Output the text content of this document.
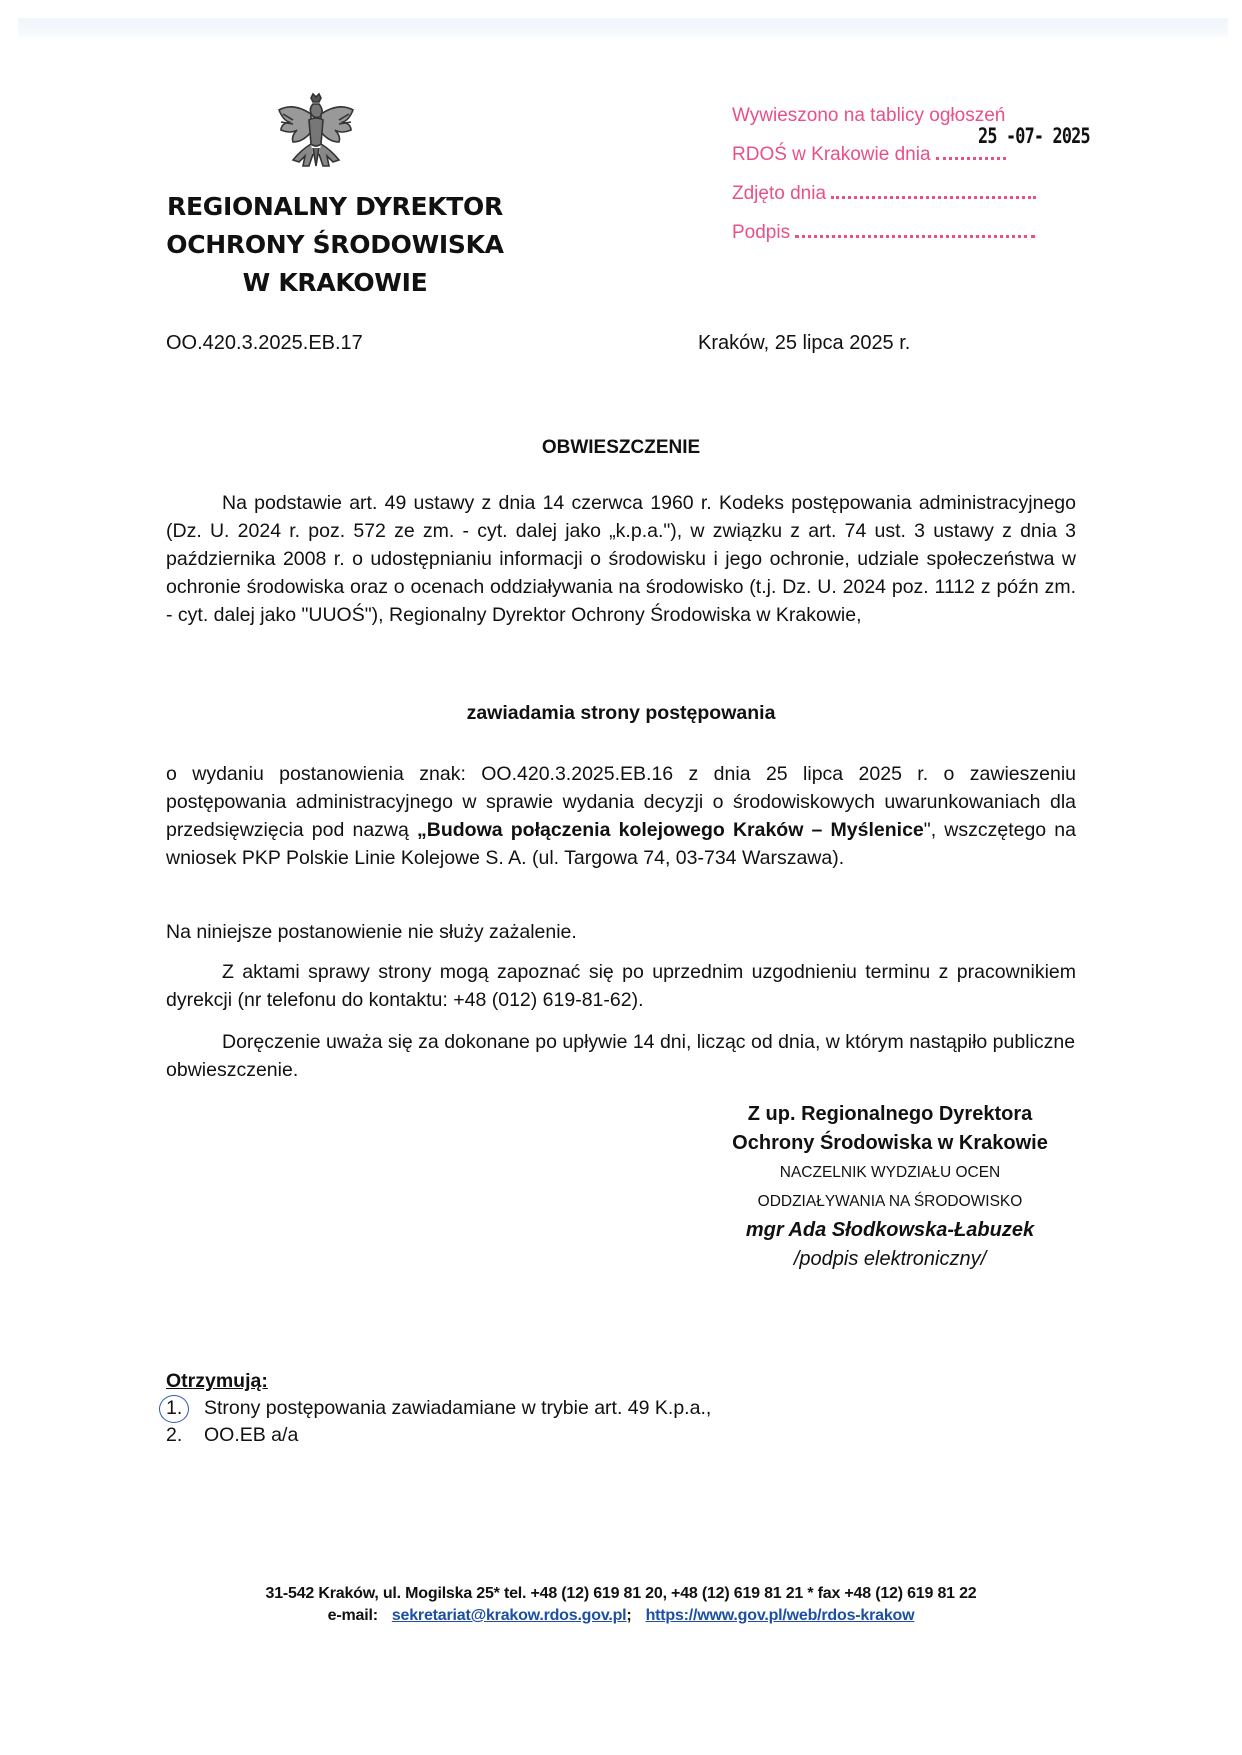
REGIONALNY DYREKTOR
OCHRONY ŚRODOWISKA
W KRAKOWIE
Wywieszono na tablicy ogłoszeń
RDOŚ w Krakowie dnia
Zdjęto dnia
Podpis
25 -07- 2025
OO.420.3.2025.EB.17	Kraków, 25 lipca 2025 r.
OBWIESZCZENIE

Na podstawie art. 49 ustawy z dnia 14 czerwca 1960 r. Kodeks postępowania administracyjnego (Dz. U. 2024 r. poz. 572 ze zm. - cyt. dalej jako „k.p.a."), w związku z art. 74 ust. 3 ustawy z dnia 3 października 2008 r. o udostępnianiu informacji o środowisku i jego ochronie, udziale społeczeństwa w ochronie środowiska oraz o ocenach oddziaływania na środowisko (t.j. Dz. U. 2024 poz. 1112 z późn zm. - cyt. dalej jako "UUOŚ"), Regionalny Dyrektor Ochrony Środowiska w Krakowie,

zawiadamia strony postępowania

o wydaniu postanowienia znak: OO.420.3.2025.EB.16 z dnia 25 lipca 2025 r. o zawieszeniu postępowania administracyjnego w sprawie wydania decyzji o środowiskowych uwarunkowaniach dla przedsięwzięcia pod nazwą „Budowa połączenia kolejowego Kraków – Myślenice", wszczętego na wniosek PKP Polskie Linie Kolejowe S. A. (ul. Targowa 74, 03-734 Warszawa).

Na niniejsze postanowienie nie służy zażalenie.

Z aktami sprawy strony mogą zapoznać się po uprzednim uzgodnieniu terminu z pracownikiem dyrekcji (nr telefonu do kontaktu: +48 (012) 619-81-62).

Doręczenie uważa się za dokonane po upływie 14 dni, licząc od dnia, w którym nastąpiło publiczne obwieszczenie.

Z up. Regionalnego Dyrektora
Ochrony Środowiska w Krakowie
NACZELNIK WYDZIAŁU OCEN
ODDZIAŁYWANIA NA ŚRODOWISKO
mgr Ada Słodkowska-Łabuzek
/podpis elektroniczny/
Otrzymują:
1.	Strony postępowania zawiadamiane w trybie art. 49 K.p.a.,
2.	OO.EB a/a
31-542 Kraków, ul. Mogilska 25* tel. +48 (12) 619 81 20, +48 (12) 619 81 21 * fax +48 (12) 619 81 22
e-mail: sekretariat@krakow.rdos.gov.pl; https://www.gov.pl/web/rdos-krakow
